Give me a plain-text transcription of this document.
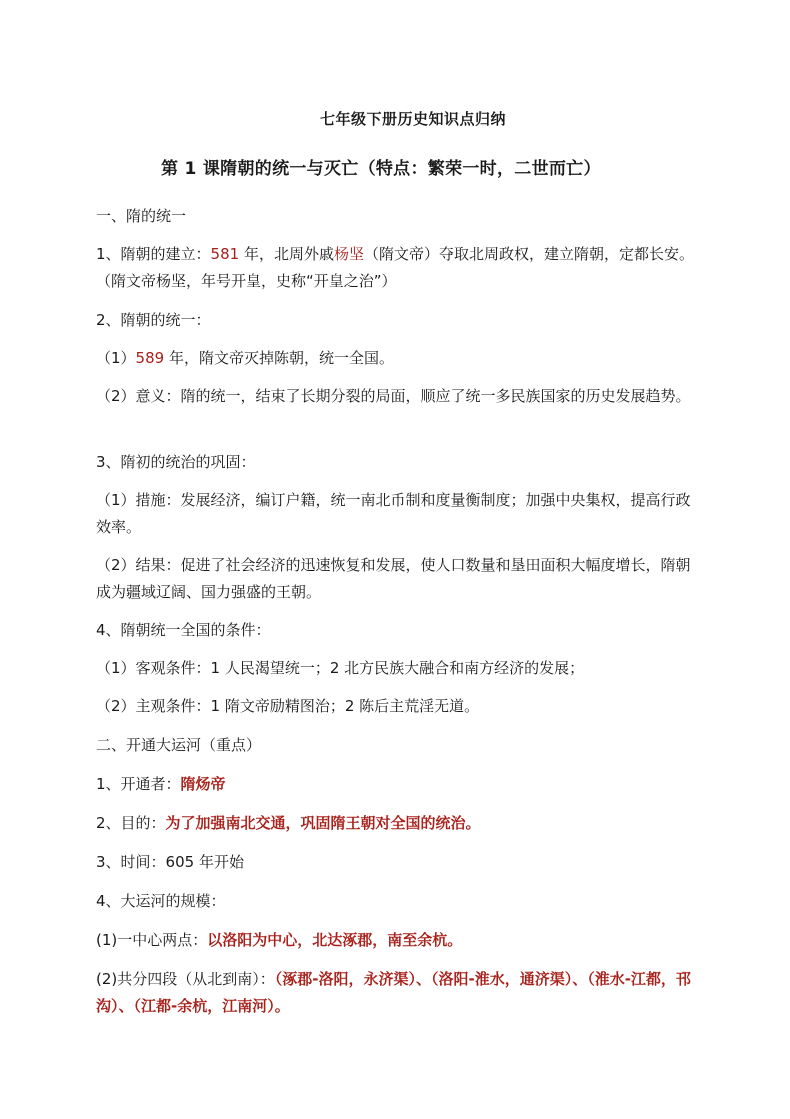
七年级下册历史知识点归纳
第 1 课隋朝的统一与灭亡（特点：繁荣一时，二世而亡）
一、隋的统一
1、隋朝的建立：581 年，北周外戚杨坚（隋文帝）夺取北周政权，建立隋朝，定都长安。（隋文帝杨坚，年号开皇，史称“开皇之治”）
2、隋朝的统一：
（1）589 年，隋文帝灭掉陈朝，统一全国。
（2）意义：隋的统一，结束了长期分裂的局面，顺应了统一多民族国家的历史发展趋势。
3、隋初的统治的巩固：
（1）措施：发展经济，编订户籍，统一南北币制和度量衡制度；加强中央集权，提高行政效率。
（2）结果：促进了社会经济的迅速恢复和发展，使人口数量和垦田面积大幅度增长，隋朝成为疆域辽阔、国力强盛的王朝。
4、隋朝统一全国的条件：
（1）客观条件：1 人民渴望统一；2 北方民族大融合和南方经济的发展；
（2）主观条件：1 隋文帝励精图治；2 陈后主荒淫无道。
二、开通大运河（重点）
1、开通者：隋炀帝
2、目的：为了加强南北交通，巩固隋王朝对全国的统治。
3、时间：605 年开始
4、大运河的规模：
(1)一中心两点：以洛阳为中心，北达涿郡，南至余杭。
(2)共分四段（从北到南）：（涿郡-洛阳，永济渠）、（洛阳-淮水，通济渠）、（淮水-江都，邗沟）、（江都-余杭，江南河）。
